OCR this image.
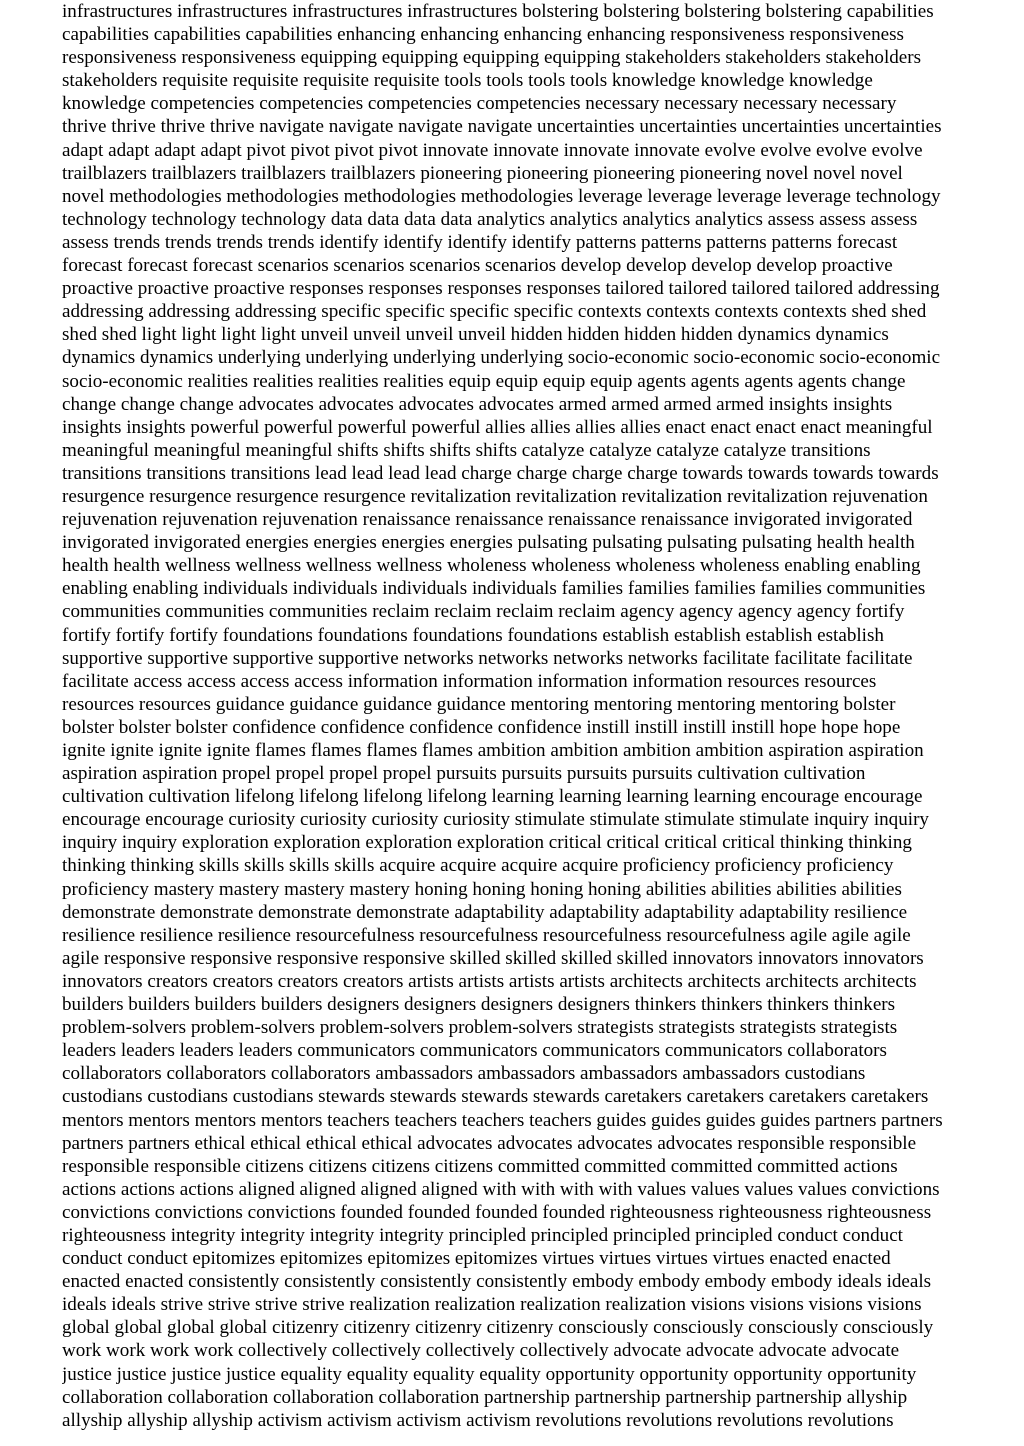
infrastructures infrastructures infrastructures infrastructures bolstering bolstering bolstering bolstering capabilities
capabilities capabilities capabilities enhancing enhancing enhancing enhancing responsiveness responsiveness
responsiveness responsiveness equipping equipping equipping equipping stakeholders stakeholders stakeholders
stakeholders requisite requisite requisite requisite tools tools tools tools knowledge knowledge knowledge
knowledge competencies competencies competencies competencies necessary necessary necessary necessary
thrive thrive thrive thrive navigate navigate navigate navigate uncertainties uncertainties uncertainties uncertainties
adapt adapt adapt adapt pivot pivot pivot pivot innovate innovate innovate innovate evolve evolve evolve evolve
trailblazers trailblazers trailblazers trailblazers pioneering pioneering pioneering pioneering novel novel novel
novel methodologies methodologies methodologies methodologies leverage leverage leverage leverage technology
technology technology technology data data data data analytics analytics analytics analytics assess assess assess
assess trends trends trends trends identify identify identify identify patterns patterns patterns patterns forecast
forecast forecast forecast scenarios scenarios scenarios scenarios develop develop develop develop proactive
proactive proactive proactive responses responses responses responses tailored tailored tailored tailored addressing
addressing addressing addressing specific specific specific specific contexts contexts contexts contexts shed shed
shed shed light light light light unveil unveil unveil unveil hidden hidden hidden hidden dynamics dynamics
dynamics dynamics underlying underlying underlying underlying socio-economic socio-economic socio-economic
socio-economic realities realities realities realities equip equip equip equip agents agents agents agents change
change change change advocates advocates advocates advocates armed armed armed armed insights insights
insights insights powerful powerful powerful powerful allies allies allies allies enact enact enact enact meaningful
meaningful meaningful meaningful shifts shifts shifts shifts catalyze catalyze catalyze catalyze transitions
transitions transitions transitions lead lead lead lead charge charge charge charge towards towards towards towards
resurgence resurgence resurgence resurgence revitalization revitalization revitalization revitalization rejuvenation
rejuvenation rejuvenation rejuvenation renaissance renaissance renaissance renaissance invigorated invigorated
invigorated invigorated energies energies energies energies pulsating pulsating pulsating pulsating health health
health health wellness wellness wellness wellness wholeness wholeness wholeness wholeness enabling enabling
enabling enabling individuals individuals individuals individuals families families families families communities
communities communities communities reclaim reclaim reclaim reclaim agency agency agency agency fortify
fortify fortify fortify foundations foundations foundations foundations establish establish establish establish
supportive supportive supportive supportive networks networks networks networks facilitate facilitate facilitate
facilitate access access access access information information information information resources resources
resources resources guidance guidance guidance guidance mentoring mentoring mentoring mentoring bolster
bolster bolster bolster confidence confidence confidence confidence instill instill instill instill hope hope hope
ignite ignite ignite ignite flames flames flames flames ambition ambition ambition ambition aspiration aspiration
aspiration aspiration propel propel propel propel pursuits pursuits pursuits pursuits cultivation cultivation
cultivation cultivation lifelong lifelong lifelong lifelong learning learning learning learning encourage encourage
encourage encourage curiosity curiosity curiosity curiosity stimulate stimulate stimulate stimulate inquiry inquiry
inquiry inquiry exploration exploration exploration exploration critical critical critical critical thinking thinking
thinking thinking skills skills skills skills acquire acquire acquire acquire proficiency proficiency proficiency
proficiency mastery mastery mastery mastery honing honing honing honing abilities abilities abilities abilities
demonstrate demonstrate demonstrate demonstrate adaptability adaptability adaptability adaptability resilience
resilience resilience resilience resourcefulness resourcefulness resourcefulness resourcefulness agile agile agile
agile responsive responsive responsive responsive skilled skilled skilled skilled innovators innovators innovators
innovators creators creators creators creators artists artists artists artists architects architects architects architects
builders builders builders builders designers designers designers designers thinkers thinkers thinkers thinkers
problem-solvers problem-solvers problem-solvers problem-solvers strategists strategists strategists strategists
leaders leaders leaders leaders communicators communicators communicators communicators collaborators
collaborators collaborators collaborators ambassadors ambassadors ambassadors ambassadors custodians
custodians custodians custodians stewards stewards stewards stewards caretakers caretakers caretakers caretakers
mentors mentors mentors mentors teachers teachers teachers teachers guides guides guides guides partners partners
partners partners ethical ethical ethical ethical advocates advocates advocates advocates responsible responsible
responsible responsible citizens citizens citizens citizens committed committed committed committed actions
actions actions actions aligned aligned aligned aligned with with with with values values values values convictions
convictions convictions convictions founded founded founded founded righteousness righteousness righteousness
righteousness integrity integrity integrity integrity principled principled principled principled conduct conduct
conduct conduct epitomizes epitomizes epitomizes epitomizes virtues virtues virtues virtues enacted enacted
enacted enacted consistently consistently consistently consistently embody embody embody embody ideals ideals
ideals ideals strive strive strive strive realization realization realization realization visions visions visions visions
global global global global citizenry citizenry citizenry citizenry consciously consciously consciously consciously
work work work work collectively collectively collectively collectively advocate advocate advocate advocate
justice justice justice justice equality equality equality equality opportunity opportunity opportunity opportunity
collaboration collaboration collaboration collaboration partnership partnership partnership partnership allyship
allyship allyship allyship activism activism activism activism revolutions revolutions revolutions revolutions
